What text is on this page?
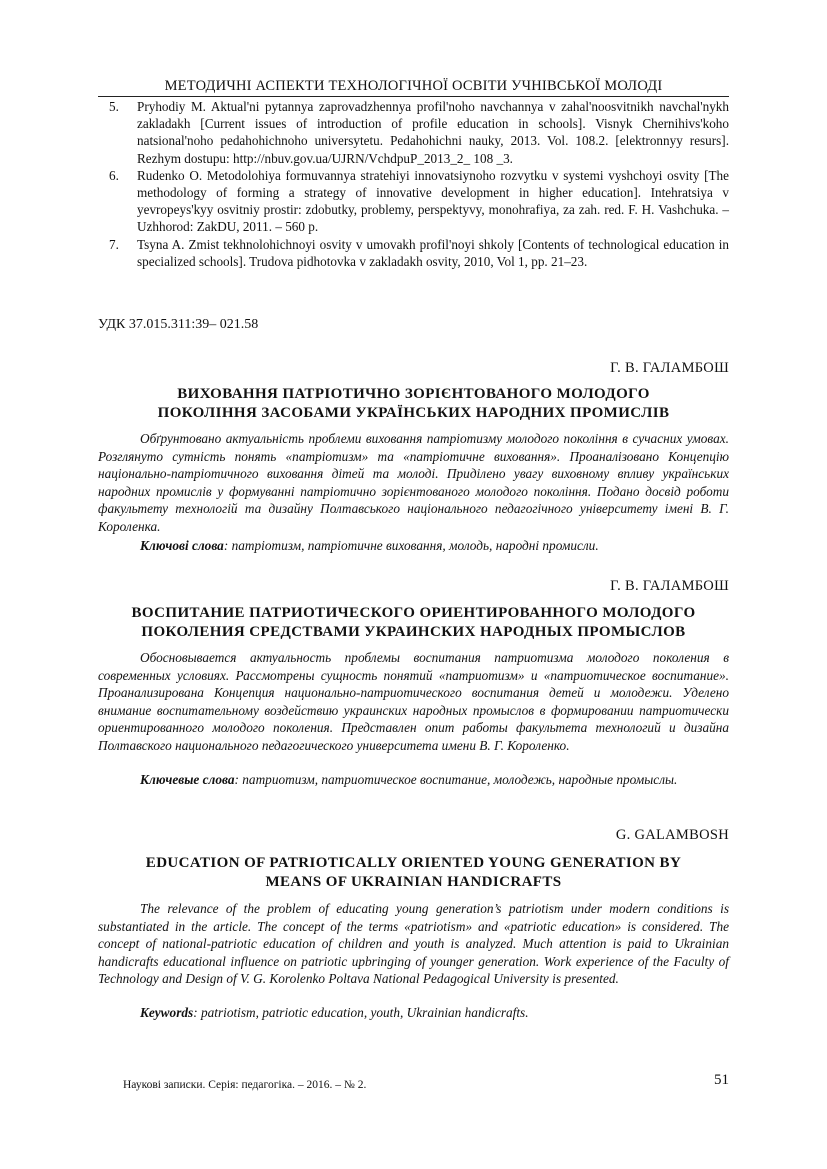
МЕТОДИЧНІ АСПЕКТИ ТЕХНОЛОГІЧНОЇ ОСВІТИ УЧНІВСЬКОЇ МОЛОДІ
5.	Pryhodiy M. Aktual'ni pytannya zaprovadzhennya profil'noho navchannya v zahal'noosvitnikh navchal'nykh zakladakh [Current issues of introduction of profile education in schools]. Visnyk Chernihivs'koho natsional'noho pedahohichnoho universytetu. Pedahohichni nauky, 2013. Vol. 108.2. [elektronnyy resurs]. Rezhym dostupu: http://nbuv.gov.ua/UJRN/VchdpuP_2013_2_ 108 _3.
6.	Rudenko O. Metodolohiya formuvannya stratehiyi innovatsiynoho rozvytku v systemi vyshchoyi osvity [The methodology of forming a strategy of innovative development in higher education]. Intehratsiya v yevropeys'kyy osvitniy prostir: zdobutky, problemy, perspektyvy, monohrafiya, za zah. red. F. H. Vashchuka. – Uzhhorod: ZakDU, 2011. – 560 p.
7.	Tsyna A. Zmist tekhnolohichnoyi osvity v umovakh profil'noyi shkoly [Contents of technological education in specialized schools]. Trudova pidhotovka v zakladakh osvity, 2010, Vol 1, pp. 21–23.
УДК 37.015.311:39– 021.58
Г. В. ГАЛАМБОШ
ВИХОВАННЯ ПАТРІОТИЧНО ЗОРІЄНТОВАНОГО МОЛОДОГО
ПОКОЛІННЯ ЗАСОБАМИ УКРАЇНСЬКИХ НАРОДНИХ ПРОМИСЛІВ

Обґрунтовано актуальність проблеми виховання патріотизму молодого покоління в сучасних умовах. Розглянуто сутність понять «патріотизм» та «патріотичне виховання». Проаналізовано Концепцію національно-патріотичного виховання дітей та молоді. Приділено увагу виховному впливу українських народних промислів у формуванні патріотично зорієнтованого молодого покоління. Подано досвід роботи факультету технологій та дизайну Полтавського національного педагогічного університету імені В. Г. Короленка.

Ключові слова: патріотизм, патріотичне виховання, молодь, народні промисли.
Г. В. ГАЛАМБОШ
ВОСПИТАНИЕ ПАТРИОТИЧЕСКОГО ОРИЕНТИРОВАННОГО МОЛОДОГО
ПОКОЛЕНИЯ СРЕДСТВАМИ УКРАИНСКИХ НАРОДНЫХ ПРОМЫСЛОВ

Обосновывается актуальность проблемы воспитания патриотизма молодого поколения в современных условиях. Рассмотрены сущность понятий «патриотизм» и «патриотическое воспитание». Проанализирована Концепция национально-патриотического воспитания детей и молодежи. Уделено внимание воспитательному воздействию украинских народных промыслов в формировании патриотически ориентированного молодого поколения. Представлен опит работы факультета технологий и дизайна Полтавского национального педагогического университета имени В. Г. Короленко.

Ключевые слова: патриотизм, патриотическое воспитание, молодежь, народные промыслы.
G. GALAMBOSH
EDUCATION OF PATRIOTICALLY ORIENTED YOUNG GENERATION BY
MEANS OF UKRAINIAN HANDICRAFTS

The relevance of the problem of educating young generation’s patriotism under modern conditions is substantiated in the article. The concept of the terms «patriotism» and «patriotic education» is considered. The concept of national-patriotic education of children and youth is analyzed. Much attention is paid to Ukrainian handicrafts educational influence on patriotic upbringing of younger generation. Work experience of the Faculty of Technology and Design of V. G. Korolenko Poltava National Pedagogical University is presented.

Keywords: patriotism, patriotic education, youth, Ukrainian handicrafts.
Наукові записки. Серія: педагогіка. – 2016. – № 2.	51
